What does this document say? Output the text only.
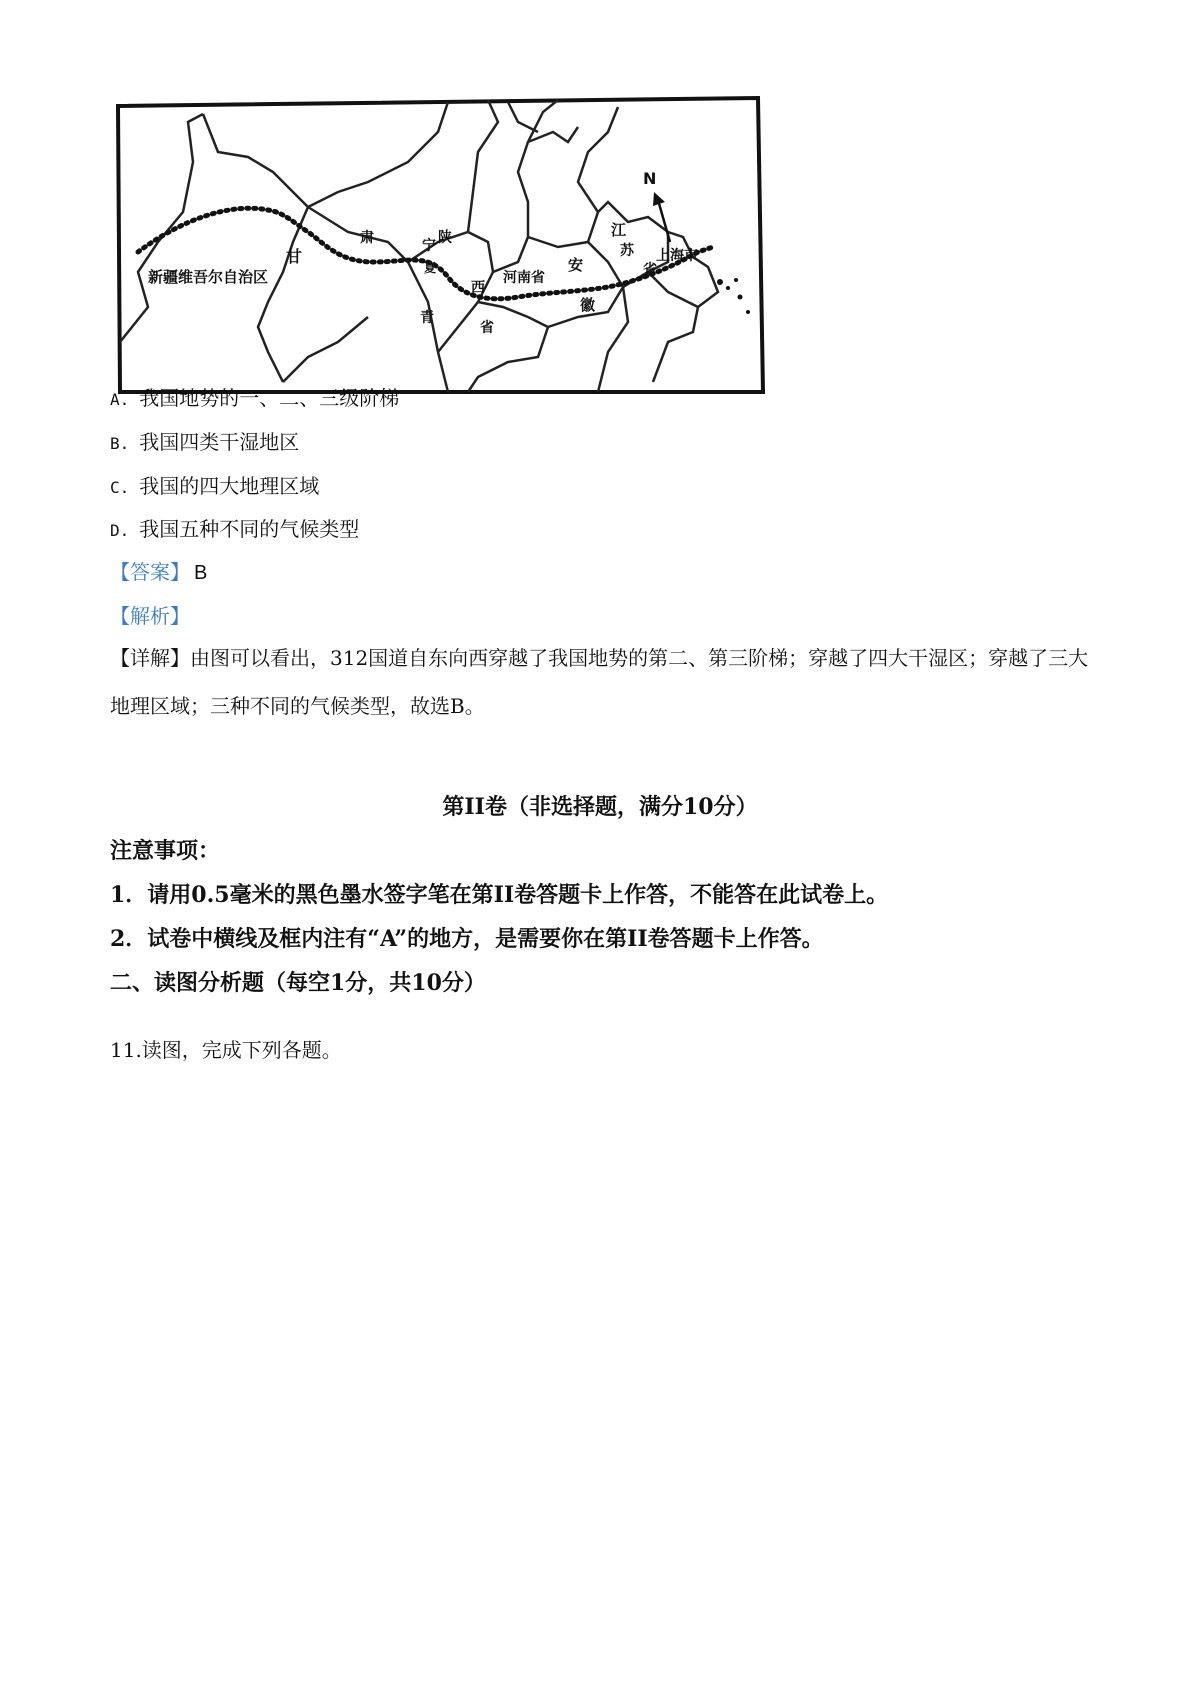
新疆维吾尔自治区
甘
肃	宁
夏
陕
西
河南省
安
徽
江
苏
省
上海市
青
省
N
A. 我国地势的一、二、三级阶梯
B. 我国四类干湿地区
C. 我国的四大地理区域
D. 我国五种不同的气候类型
【答案】 B
【解析】
【详解】由图可以看出，312国道自东向西穿越了我国地势的第二、第三阶梯；穿越了四大干湿区；穿越了三大地理区域；三种不同的气候类型，故选B。
第II卷（非选择题，满分10分）
注意事项：
1．请用0.5毫米的黑色墨水签字笔在第II卷答题卡上作答，不能答在此试卷上。
2．试卷中横线及框内注有“A”的地方，是需要你在第II卷答题卡上作答。
二、读图分析题（每空1分，共10分）
11.读图，完成下列各题。
